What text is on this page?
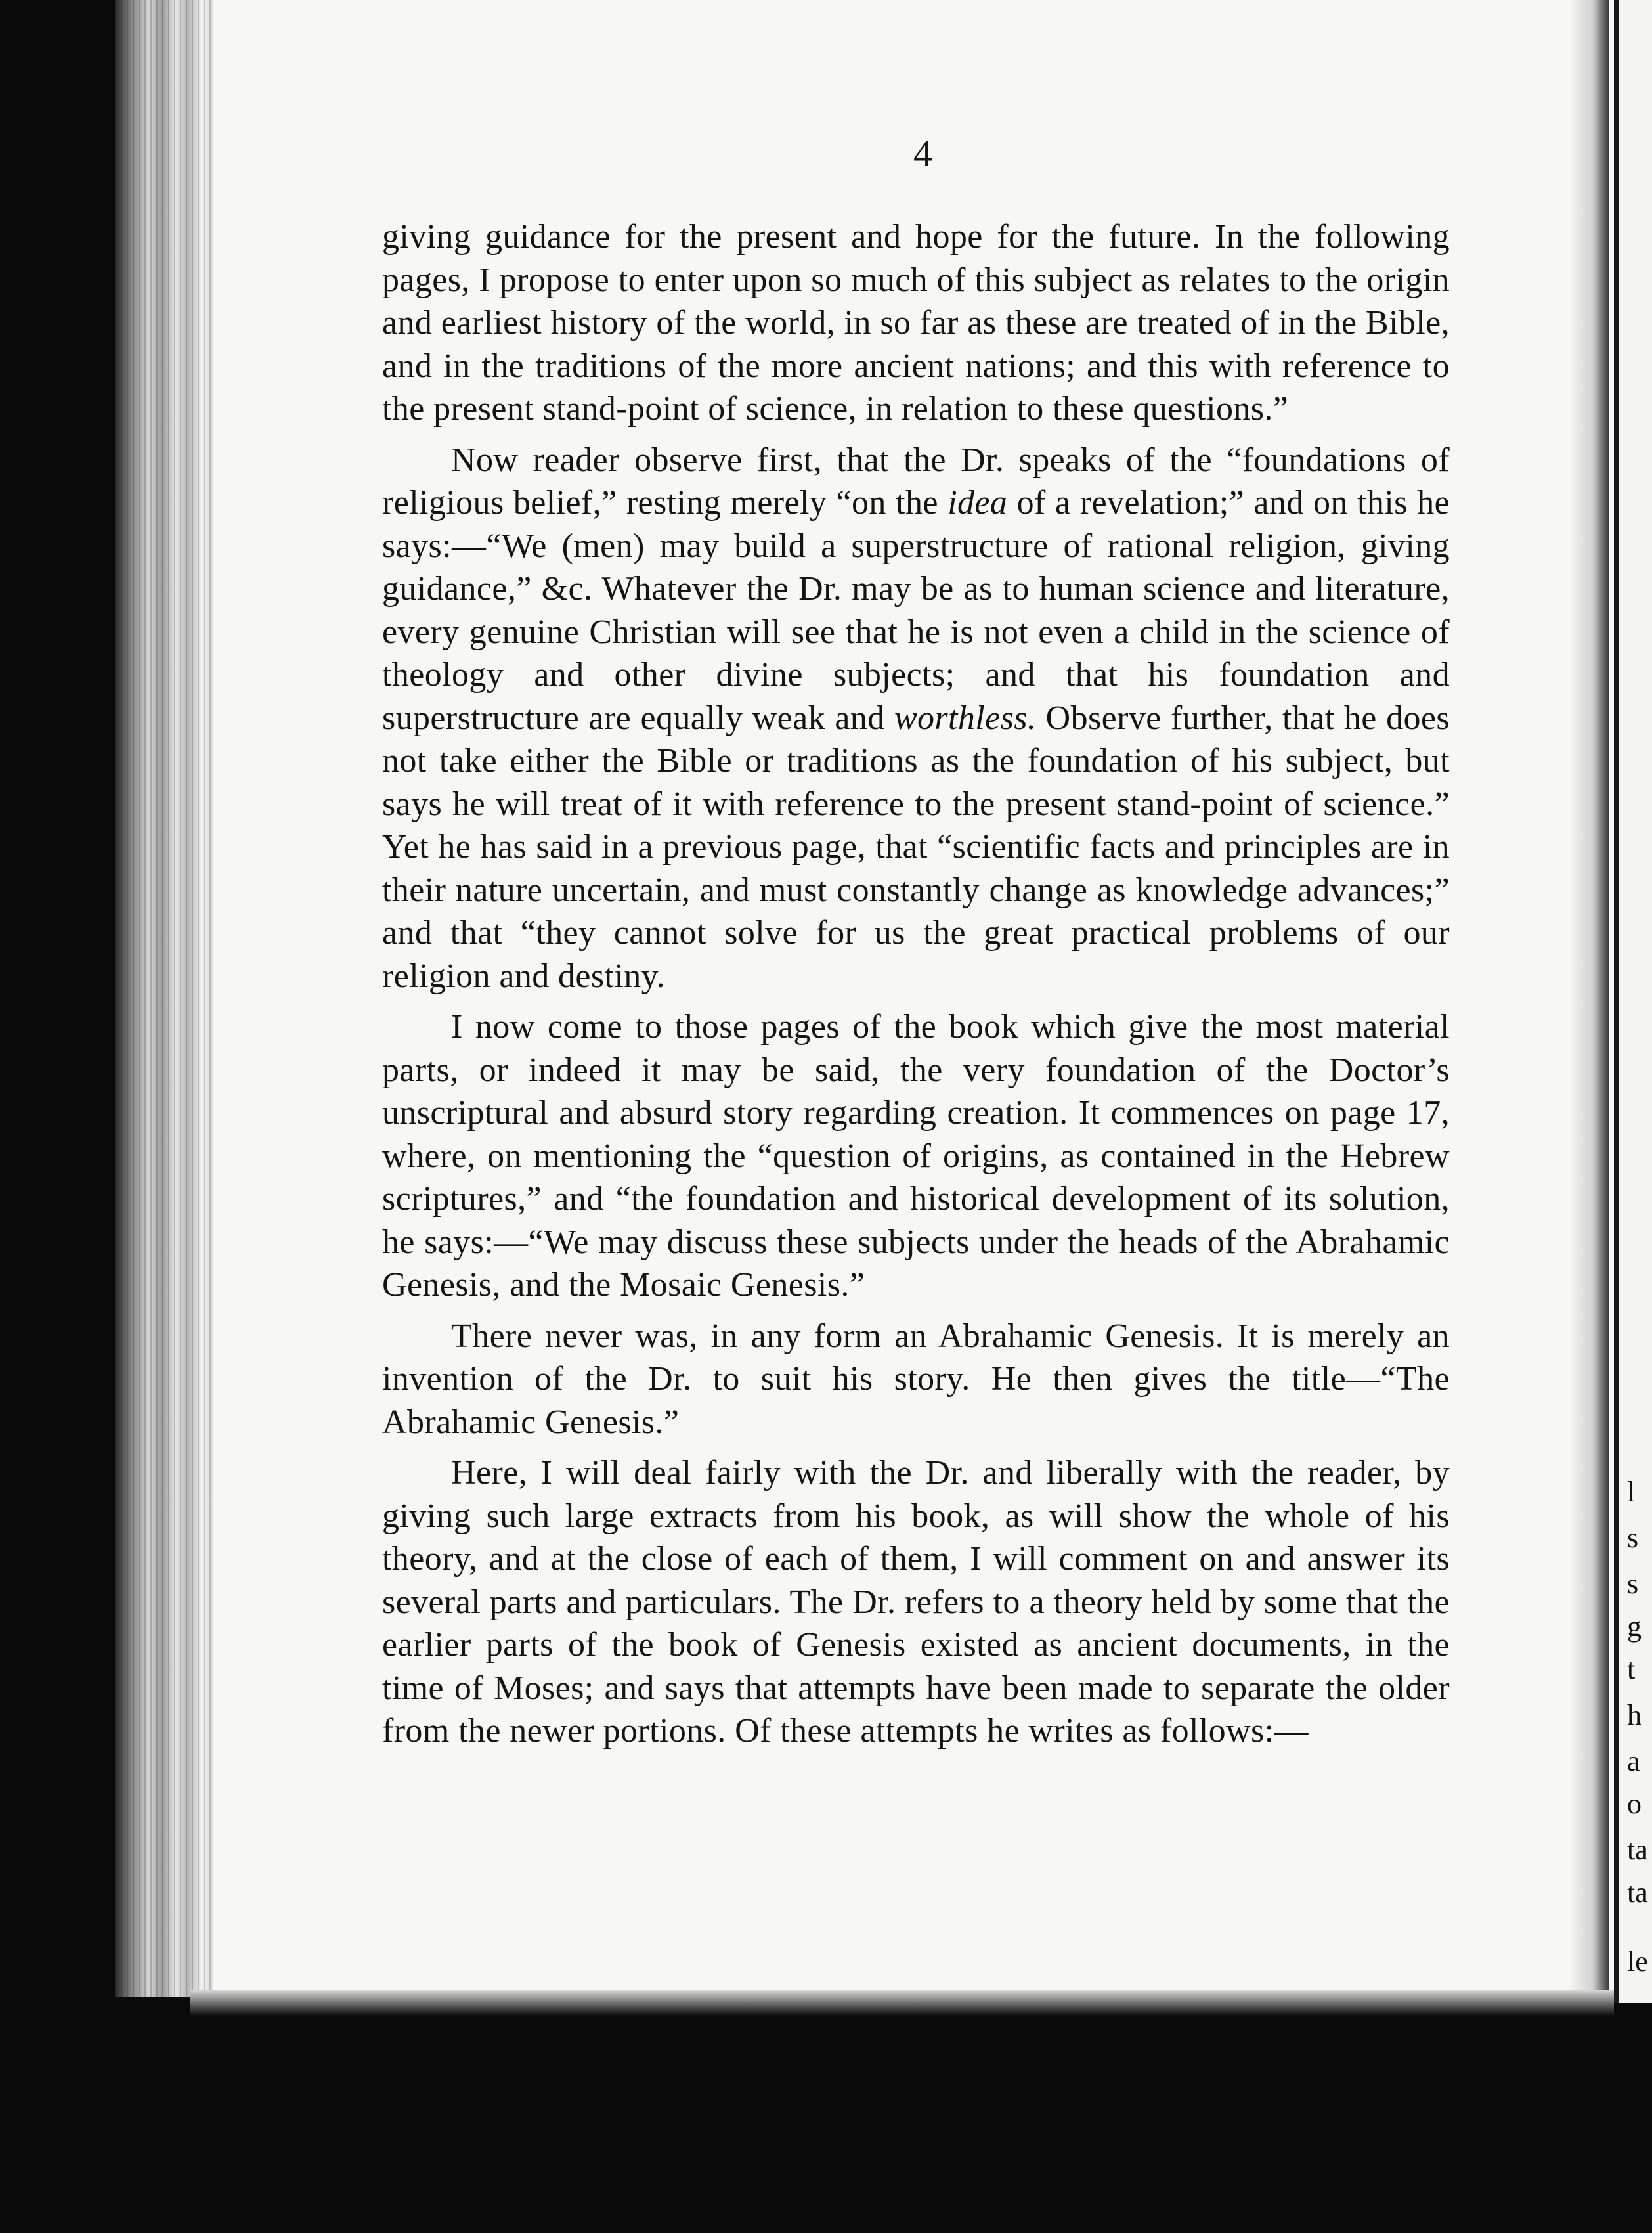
4

giving guidance for the present and hope for the future. In the following pages, I propose to enter upon so much of this subject as relates to the origin and earliest history of the world, in so far as these are treated of in the Bible, and in the traditions of the more ancient nations; and this with reference to the present stand-point of science, in relation to these questions.”

Now reader observe first, that the Dr. speaks of the “foundations of religious belief,” resting merely “on the idea of a revelation;” and on this he says:—“We (men) may build a superstructure of rational religion, giving guidance,” &c. Whatever the Dr. may be as to human science and literature, every genuine Christian will see that he is not even a child in the science of theology and other divine subjects; and that his foundation and superstructure are equally weak and worthless. Observe further, that he does not take either the Bible or traditions as the foundation of his subject, but says he will treat of it with reference to the present stand-point of science.” Yet he has said in a previous page, that “scientific facts and principles are in their nature uncertain, and must constantly change as knowledge advances;” and that “they cannot solve for us the great practical problems of our religion and destiny.

I now come to those pages of the book which give the most material parts, or indeed it may be said, the very foundation of the Doctor’s unscriptural and absurd story regarding creation. It commences on page 17, where, on mentioning the “question of origins, as contained in the Hebrew scriptures,” and “the foundation and historical development of its solution, he says:—“We may discuss these subjects under the heads of the Abrahamic Genesis, and the Mosaic Genesis.”

There never was, in any form an Abrahamic Genesis. It is merely an invention of the Dr. to suit his story. He then gives the title—“The Abrahamic Genesis.”

Here, I will deal fairly with the Dr. and liberally with the reader, by giving such large extracts from his book, as will show the whole of his theory, and at the close of each of them, I will comment on and answer its several parts and particulars. The Dr. refers to a theory held by some that the earlier parts of the book of Genesis existed as ancient documents, in the time of Moses; and says that attempts have been made to separate the older from the newer portions. Of these attempts he writes as follows:—

l
s
s
g
t
h
a
o
ta
ta
le
